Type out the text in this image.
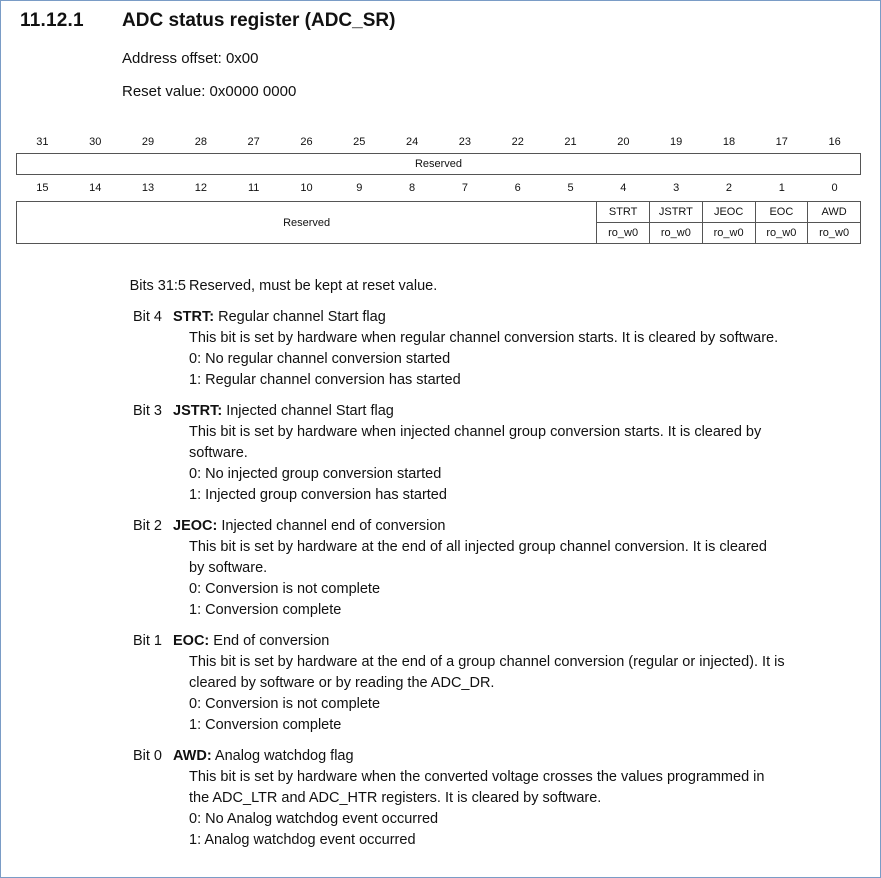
11.12.1 ADC status register (ADC_SR)
Address offset: 0x00
Reset value: 0x0000 0000
31	30	29	28	27	26	25	24	23	22	21	20	19	18	17	16
Reserved
15	14	13	12	11	10	9	8	7	6	5	4	3	2	1	0
Reserved	STRT	JSTRT	JEOC	EOC	AWD
	ro_w0	ro_w0	ro_w0	ro_w0	ro_w0
Bits 31:5 Reserved, must be kept at reset value.
Bit 4 STRT: Regular channel Start flag
This bit is set by hardware when regular channel conversion starts. It is cleared by software.
0: No regular channel conversion started
1: Regular channel conversion has started
Bit 3 JSTRT: Injected channel Start flag
This bit is set by hardware when injected channel group conversion starts. It is cleared by
software.
0: No injected group conversion started
1: Injected group conversion has started
Bit 2 JEOC: Injected channel end of conversion
This bit is set by hardware at the end of all injected group channel conversion. It is cleared
by software.
0: Conversion is not complete
1: Conversion complete
Bit 1 EOC: End of conversion
This bit is set by hardware at the end of a group channel conversion (regular or injected). It is
cleared by software or by reading the ADC_DR.
0: Conversion is not complete
1: Conversion complete
Bit 0 AWD: Analog watchdog flag
This bit is set by hardware when the converted voltage crosses the values programmed in
the ADC_LTR and ADC_HTR registers. It is cleared by software.
0: No Analog watchdog event occurred
1: Analog watchdog event occurred
